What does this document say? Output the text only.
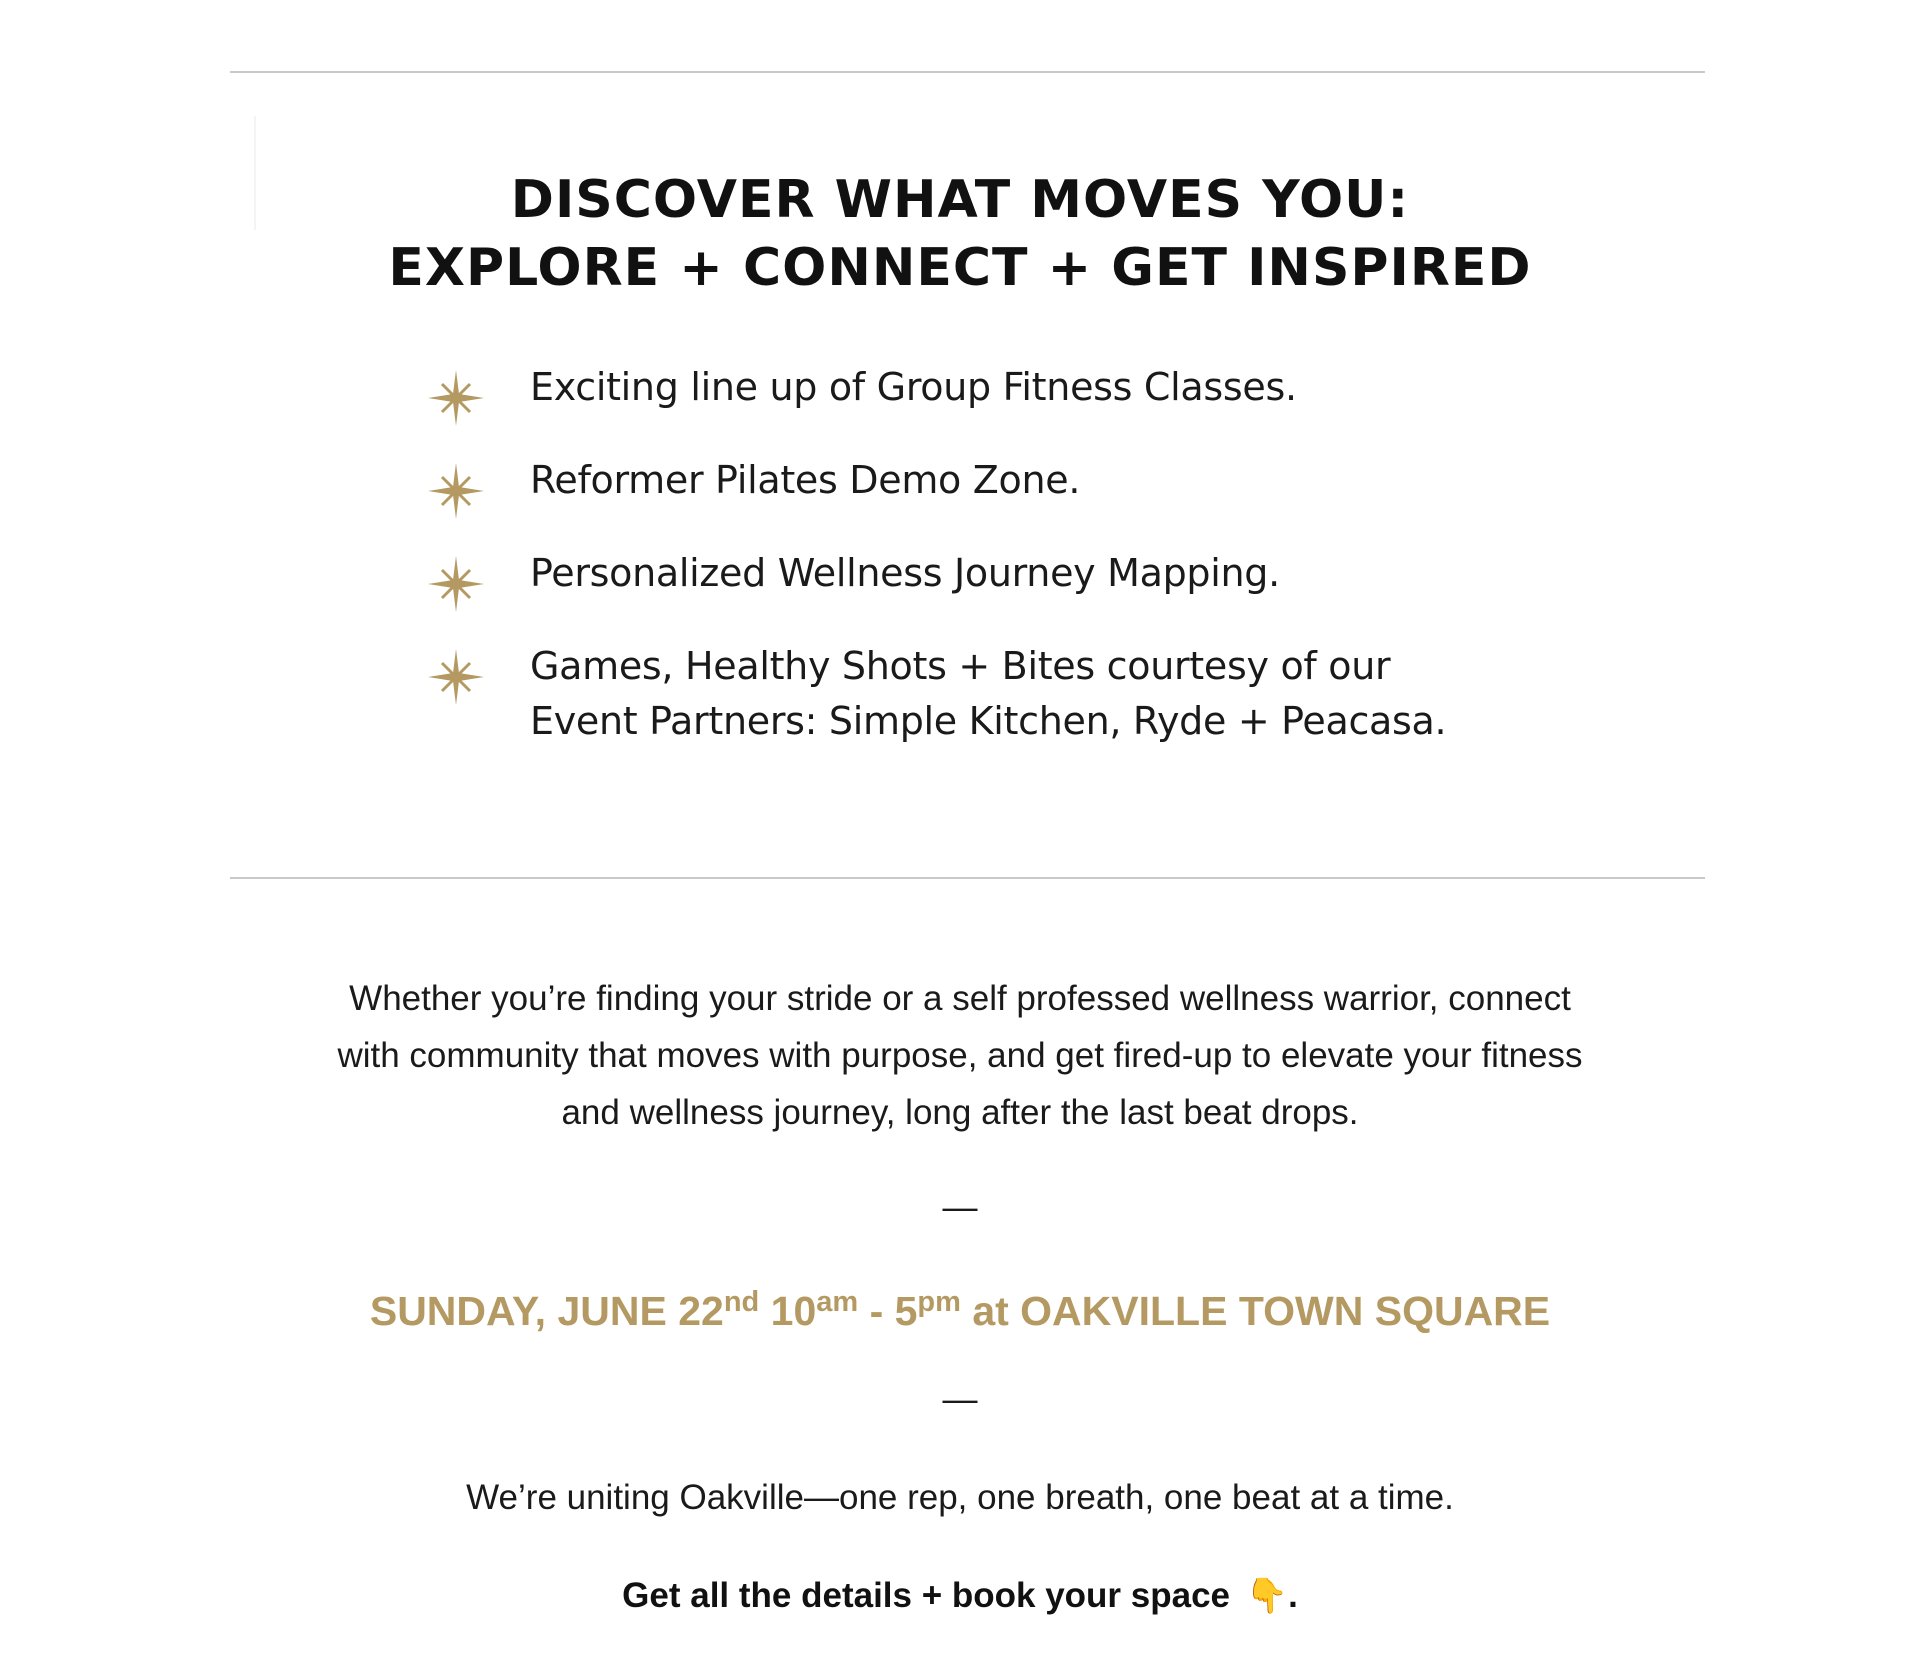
DISCOVER WHAT MOVES YOU:
EXPLORE + CONNECT + GET INSPIRED
Exciting line up of Group Fitness Classes.
Reformer Pilates Demo Zone.
Personalized Wellness Journey Mapping.
Games, Healthy Shots + Bites courtesy of our
Event Partners: Simple Kitchen, Ryde + Peacasa.

Whether you’re finding your stride or a self professed wellness warrior, connect
with community that moves with purpose, and get fired-up to elevate your fitness
and wellness journey, long after the last beat drops.

—

SUNDAY, JUNE 22nd $10^{am} - 5^{pm}$ at OAKVILLE TOWN SQUARE

—

We’re uniting Oakville—one rep, one breath, one beat at a time.

Get all the details + book your space 👇.
